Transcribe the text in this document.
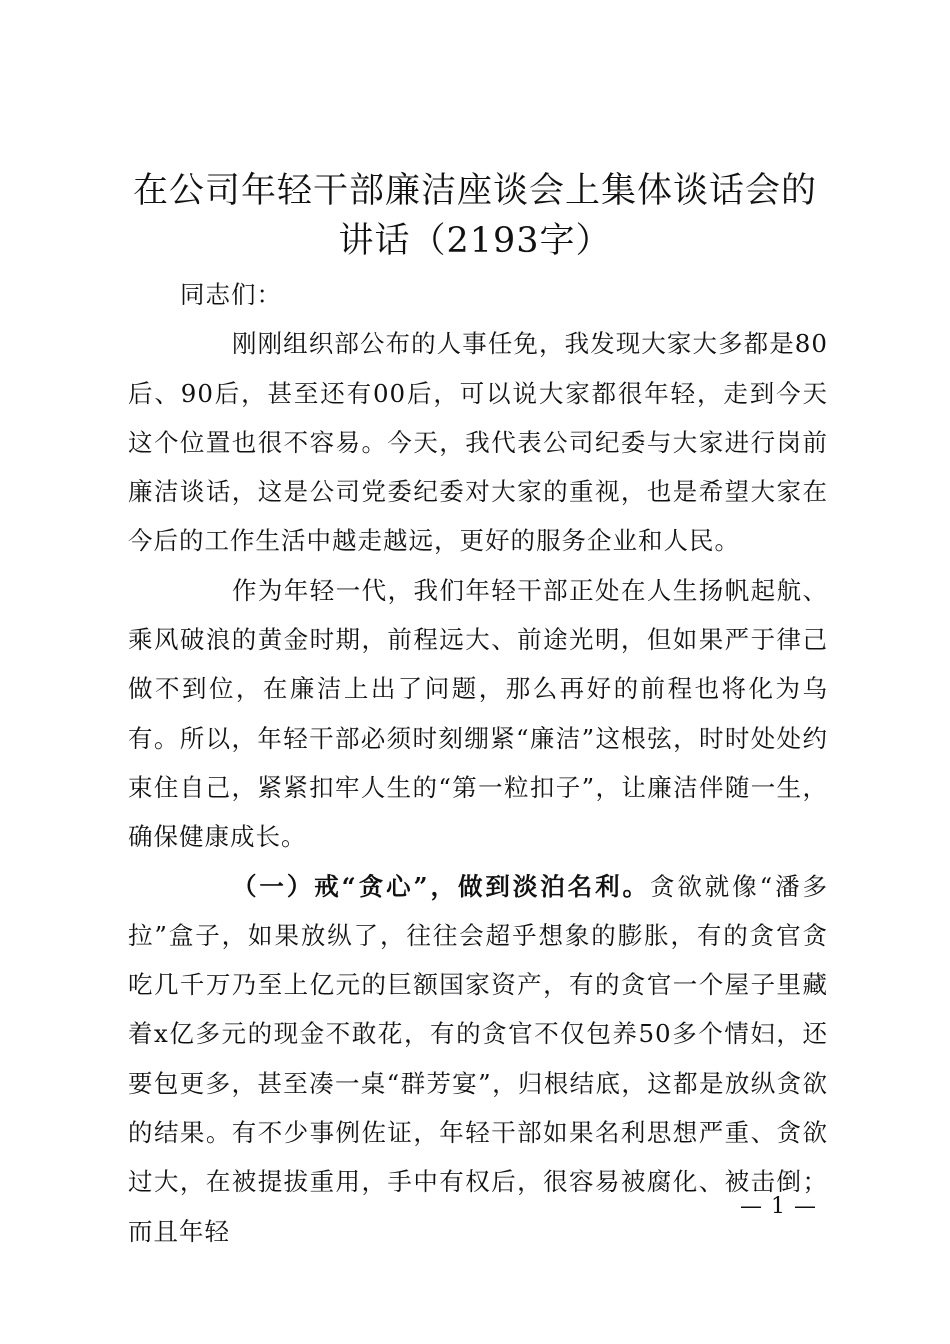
在公司年轻干部廉洁座谈会上集体谈话会的讲话（2193字）

同志们：

刚刚组织部公布的人事任免，我发现大家大多都是80后、90后，甚至还有00后，可以说大家都很年轻，走到今天这个位置也很不容易。今天，我代表公司纪委与大家进行岗前廉洁谈话，这是公司党委纪委对大家的重视，也是希望大家在今后的工作生活中越走越远，更好的服务企业和人民。

作为年轻一代，我们年轻干部正处在人生扬帆起航、乘风破浪的黄金时期，前程远大、前途光明，但如果严于律己做不到位，在廉洁上出了问题，那么再好的前程也将化为乌有。所以，年轻干部必须时刻绷紧“廉洁”这根弦，时时处处约束住自己，紧紧扣牢人生的“第一粒扣子”，让廉洁伴随一生，确保健康成长。

（一）戒“贪心”，做到淡泊名利。贪欲就像“潘多拉”盒子，如果放纵了，往往会超乎想象的膨胀，有的贪官贪吃几千万乃至上亿元的巨额国家资产，有的贪官一个屋子里藏着x亿多元的现金不敢花，有的贪官不仅包养50多个情妇，还要包更多，甚至凑一桌“群芳宴”，归根结底，这都是放纵贪欲的结果。有不少事例佐证，年轻干部如果名利思想严重、贪欲过大，在被提拔重用，手中有权后，很容易被腐化、被击倒；而且年轻

— 1 —
